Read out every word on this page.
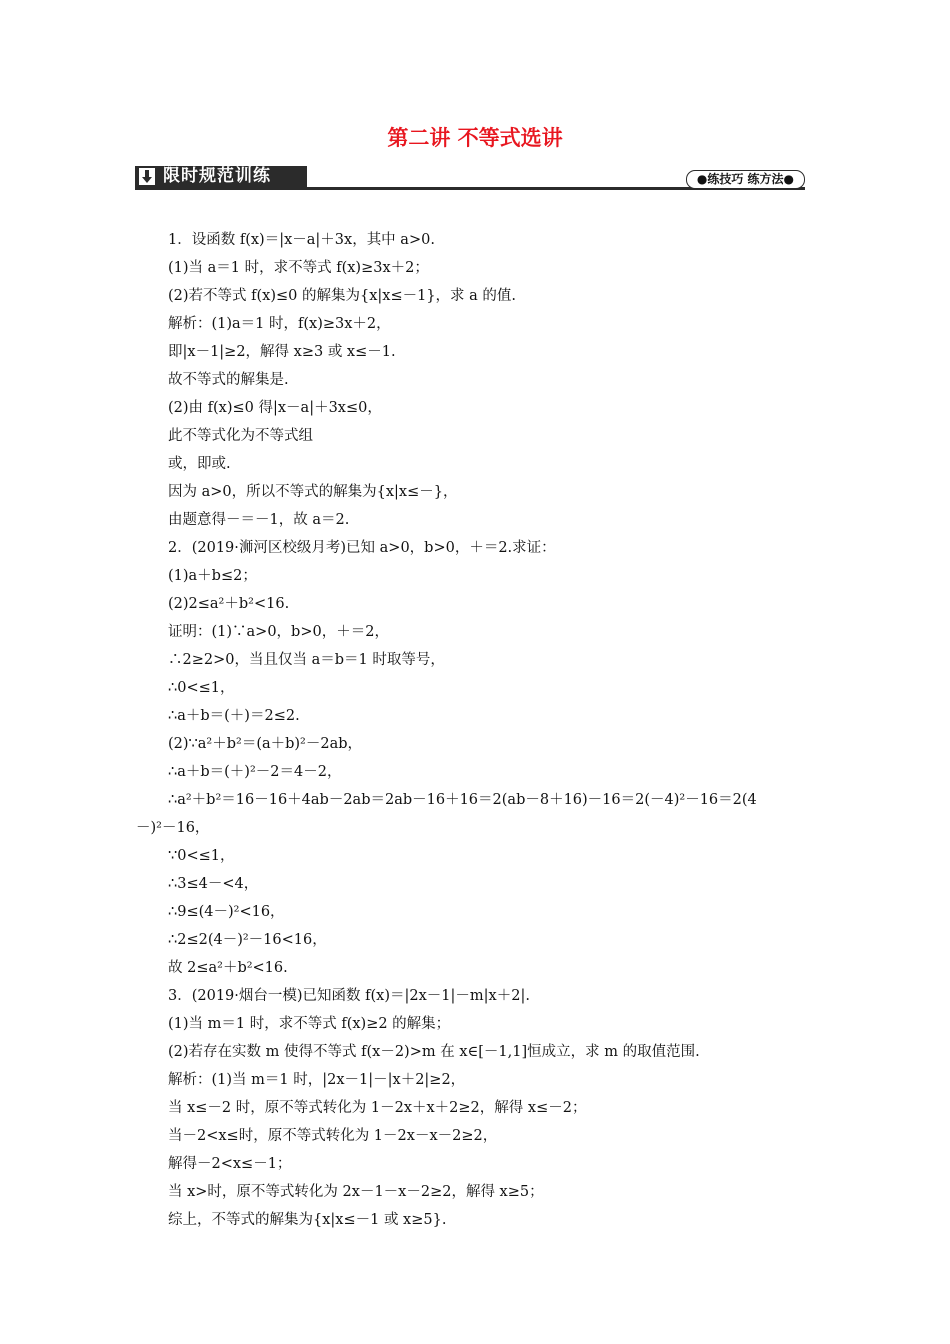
第二讲 不等式选讲
限时规范训练	●练技巧 练方法●
1．设函数 f(x)＝|x－a|＋3x，其中 a>0.
(1)当 a＝1 时，求不等式 f(x)≥3x＋2；
(2)若不等式 f(x)≤0 的解集为{x|x≤－1}，求 a 的值.
解析：(1)a＝1 时，f(x)≥3x＋2，
即|x－1|≥2，解得 x≥3 或 x≤－1.
故不等式的解集是.
(2)由 f(x)≤0 得|x－a|＋3x≤0，
此不等式化为不等式组
或，即或.
因为 a>0，所以不等式的解集为{x|x≤－}，
由题意得－＝－1，故 a＝2.
2．(2019·浉河区校级月考)已知 a>0，b>0，＋＝2.求证：
(1)a＋b≤2；
(2)2≤a²＋b²<16.
证明：(1)∵a>0，b>0，＋＝2，
∴2≥2>0，当且仅当 a＝b＝1 时取等号，
∴0<≤1，
∴a＋b＝(＋)＝2≤2.
(2)∵a²＋b²＝(a＋b)²－2ab，
∴a＋b＝(＋)²－2＝4－2，
∴a²＋b²＝16－16＋4ab－2ab＝2ab－16＋16＝2(ab－8＋16)－16＝2(－4)²－16＝2(4
－)²－16，
∵0<≤1，
∴3≤4－<4，
∴9≤(4－)²<16，
∴2≤2(4－)²－16<16，
故 2≤a²＋b²<16.
3．(2019·烟台一模)已知函数 f(x)＝|2x－1|－m|x＋2|.
(1)当 m＝1 时，求不等式 f(x)≥2 的解集；
(2)若存在实数 m 使得不等式 f(x－2)>m 在 x∈[－1,1]恒成立，求 m 的取值范围.
解析：(1)当 m＝1 时，|2x－1|－|x＋2|≥2，
当 x≤－2 时，原不等式转化为 1－2x＋x＋2≥2，解得 x≤－2；
当－2<x≤时，原不等式转化为 1－2x－x－2≥2，
解得－2<x≤－1；
当 x>时，原不等式转化为 2x－1－x－2≥2，解得 x≥5；
综上，不等式的解集为{x|x≤－1 或 x≥5}.
